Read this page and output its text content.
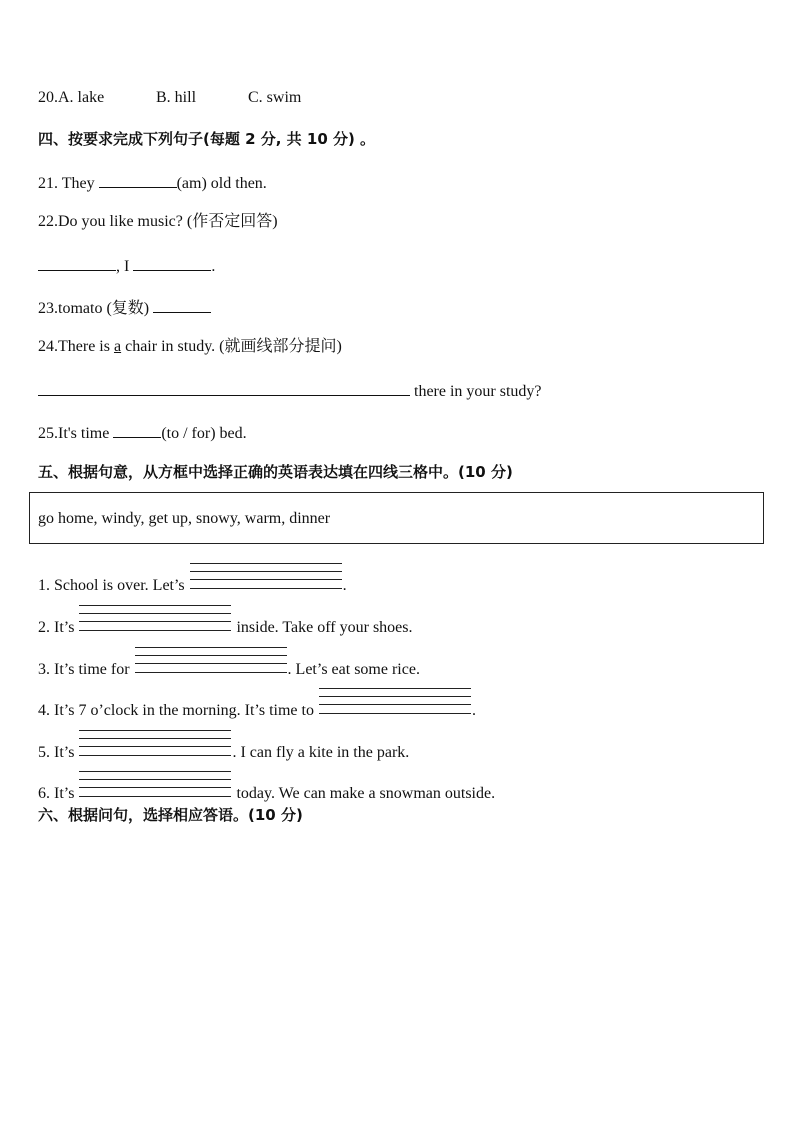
20.A. lake	B. hill	C. swim
四、按要求完成下列句子(每题 2 分, 共 10 分) 。
21. They	(am) old then.
22.Do you like music? (作否定回答)
, I	.
23.tomato (复数)
24.There is a chair in study. (就画线部分提问)
there in your study?
25.It's time	(to / for) bed.
五、根据句意，从方框中选择正确的英语表达填在四线三格中。(10 分)
go home, windy, get up, snowy, warm, dinner
1. School is over. Let’s	.
2. It’s	inside. Take off your shoes.
3. It’s time for	. Let’s eat some rice.
4. It’s 7 o’clock in the morning. It’s time to	.
5. It’s	. I can fly a kite in the park.
6. It’s	today. We can make a snowman outside.
六、根据问句，选择相应答语。(10 分)
